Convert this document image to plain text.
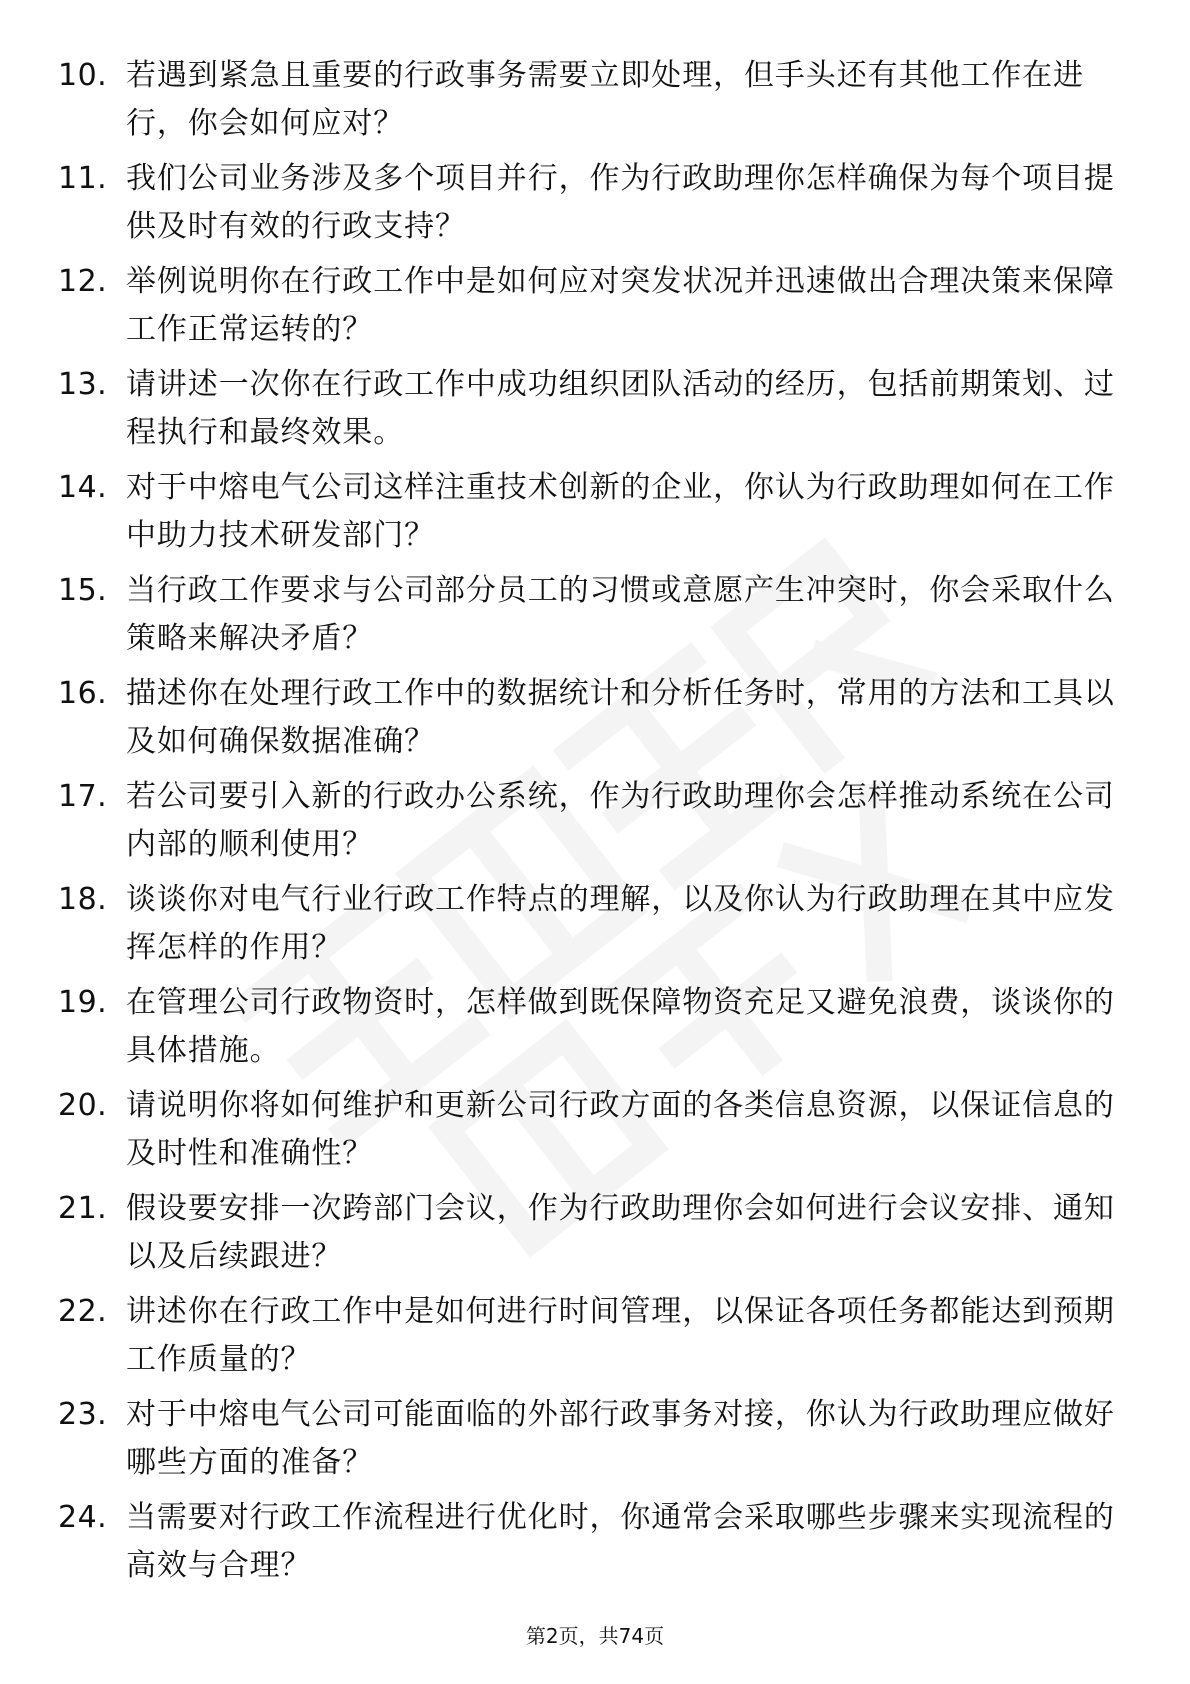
10. 若遇到紧急且重要的行政事务需要立即处理，但手头还有其他工作在进行，你会如何应对？
11. 我们公司业务涉及多个项目并行，作为行政助理你怎样确保为每个项目提供及时有效的行政支持？
12. 举例说明你在行政工作中是如何应对突发状况并迅速做出合理决策来保障工作正常运转的？
13. 请讲述一次你在行政工作中成功组织团队活动的经历，包括前期策划、过程执行和最终效果。
14. 对于中熔电气公司这样注重技术创新的企业，你认为行政助理如何在工作中助力技术研发部门？
15. 当行政工作要求与公司部分员工的习惯或意愿产生冲突时，你会采取什么策略来解决矛盾？
16. 描述你在处理行政工作中的数据统计和分析任务时，常用的方法和工具以及如何确保数据准确？
17. 若公司要引入新的行政办公系统，作为行政助理你会怎样推动系统在公司内部的顺利使用？
18. 谈谈你对电气行业行政工作特点的理解，以及你认为行政助理在其中应发挥怎样的作用？
19. 在管理公司行政物资时，怎样做到既保障物资充足又避免浪费，谈谈你的具体措施。
20. 请说明你将如何维护和更新公司行政方面的各类信息资源，以保证信息的及时性和准确性？
21. 假设要安排一次跨部门会议，作为行政助理你会如何进行会议安排、通知以及后续跟进？
22. 讲述你在行政工作中是如何进行时间管理，以保证各项任务都能达到预期工作质量的？
23. 对于中熔电气公司可能面临的外部行政事务对接，你认为行政助理应做好哪些方面的准备？
24. 当需要对行政工作流程进行优化时，你通常会采取哪些步骤来实现流程的高效与合理？
第2页，共74页
